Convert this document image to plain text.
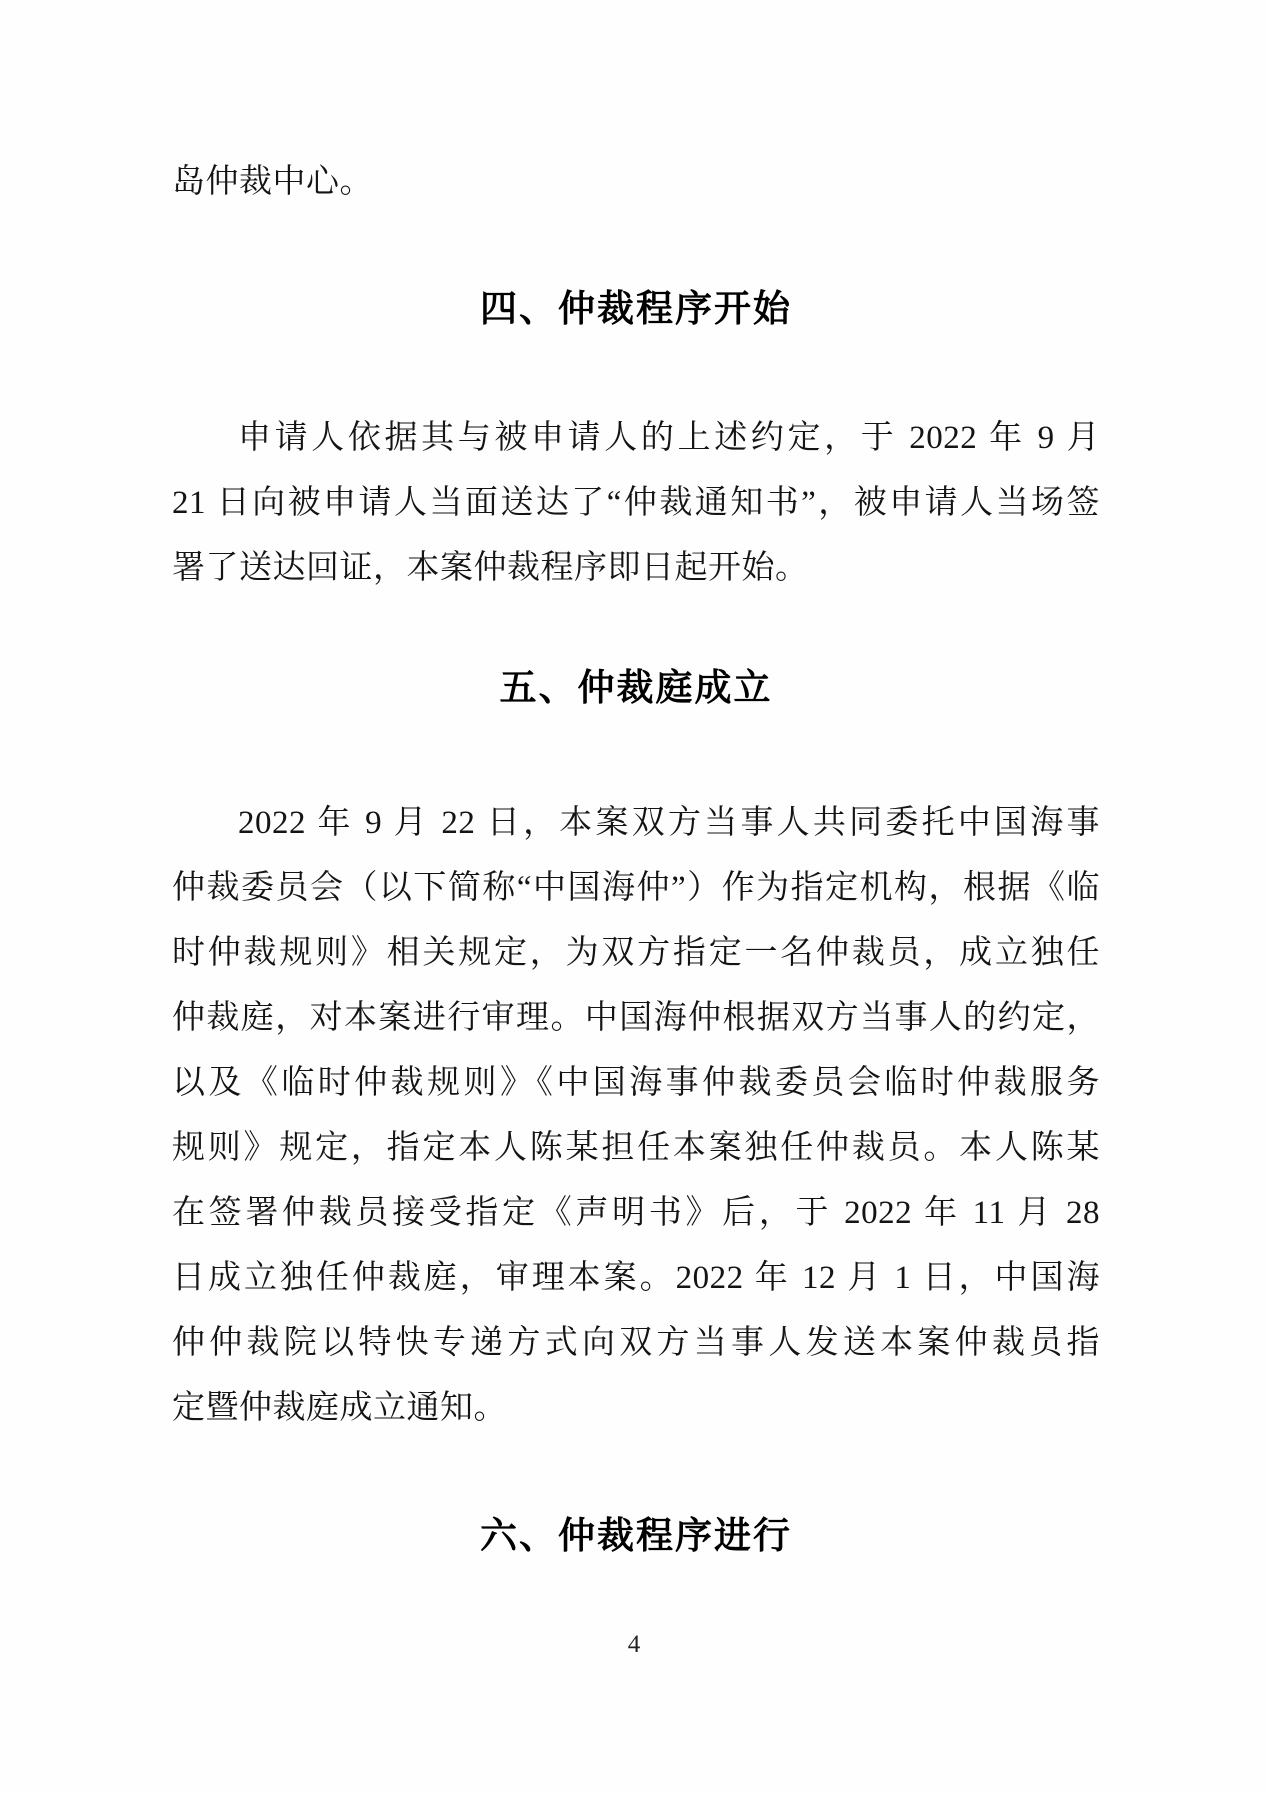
岛仲裁中心。
四、仲裁程序开始
申请人依据其与被申请人的上述约定，于 2022 年 9 月
21 日向被申请人当面送达了“仲裁通知书”，被申请人当场签
署了送达回证，本案仲裁程序即日起开始。
五、仲裁庭成立
2022 年 9 月 22 日，本案双方当事人共同委托中国海事
仲裁委员会（以下简称“中国海仲”）作为指定机构，根据《临
时仲裁规则》相关规定，为双方指定一名仲裁员，成立独任
仲裁庭，对本案进行审理。中国海仲根据双方当事人的约定，
以及《临时仲裁规则》《中国海事仲裁委员会临时仲裁服务
规则》规定，指定本人陈某担任本案独任仲裁员。本人陈某
在签署仲裁员接受指定《声明书》后，于 2022 年 11 月 28
日成立独任仲裁庭，审理本案。2022 年 12 月 1 日，中国海
仲仲裁院以特快专递方式向双方当事人发送本案仲裁员指
定暨仲裁庭成立通知。
六、仲裁程序进行
4
